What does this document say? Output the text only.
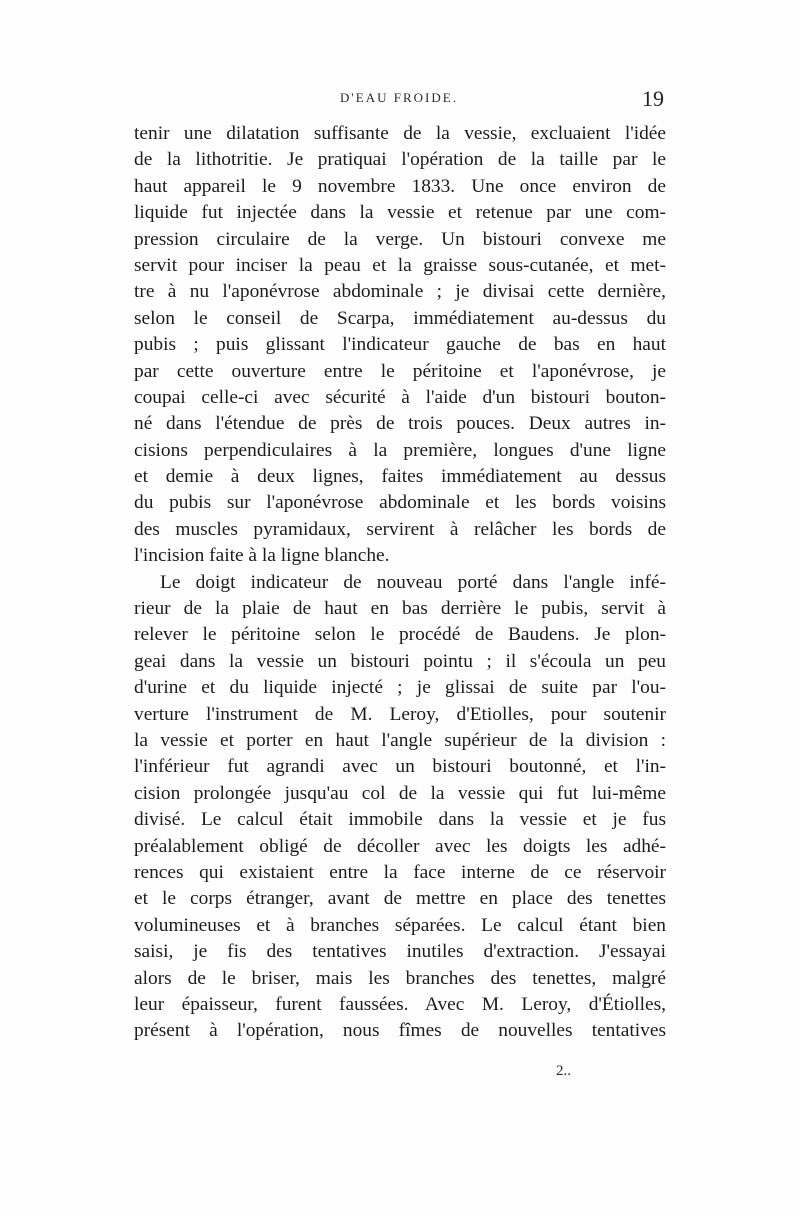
D'EAU FROIDE.	19
tenir une dilatation suffisante de la vessie, excluaient l'idée
de la lithotritie. Je pratiquai l'opération de la taille par le
haut appareil le 9 novembre 1833. Une once environ de
liquide fut injectée dans la vessie et retenue par une com-
pression circulaire de la verge. Un bistouri convexe me
servit pour inciser la peau et la graisse sous-cutanée, et met-
tre à nu l'aponévrose abdominale ; je divisai cette dernière,
selon le conseil de Scarpa, immédiatement au-dessus du
pubis ; puis glissant l'indicateur gauche de bas en haut
par cette ouverture entre le péritoine et l'aponévrose, je
coupai celle-ci avec sécurité à l'aide d'un bistouri bouton-
né dans l'étendue de près de trois pouces. Deux autres in-
cisions perpendiculaires à la première, longues d'une ligne
et demie à deux lignes, faites immédiatement au dessus
du pubis sur l'aponévrose abdominale et les bords voisins
des muscles pyramidaux, servirent à relâcher les bords de
l'incision faite à la ligne blanche.
Le doigt indicateur de nouveau porté dans l'angle infé-
rieur de la plaie de haut en bas derrière le pubis, servit à
relever le péritoine selon le procédé de Baudens. Je plon-
geai dans la vessie un bistouri pointu ; il s'écoula un peu
d'urine et du liquide injecté ; je glissai de suite par l'ou-
verture l'instrument de M. Leroy, d'Etiolles, pour soutenir
la vessie et porter en haut l'angle supérieur de la division :
l'inférieur fut agrandi avec un bistouri boutonné, et l'in-
cision prolongée jusqu'au col de la vessie qui fut lui-même
divisé. Le calcul était immobile dans la vessie et je fus
préalablement obligé de décoller avec les doigts les adhé-
rences qui existaient entre la face interne de ce réservoir
et le corps étranger, avant de mettre en place des tenettes
volumineuses et à branches séparées. Le calcul étant bien
saisi, je fis des tentatives inutiles d'extraction. J'essayai
alors de le briser, mais les branches des tenettes, malgré
leur épaisseur, furent faussées. Avec M. Leroy, d'Étiolles,
présent à l'opération, nous fîmes de nouvelles tentatives
2..
